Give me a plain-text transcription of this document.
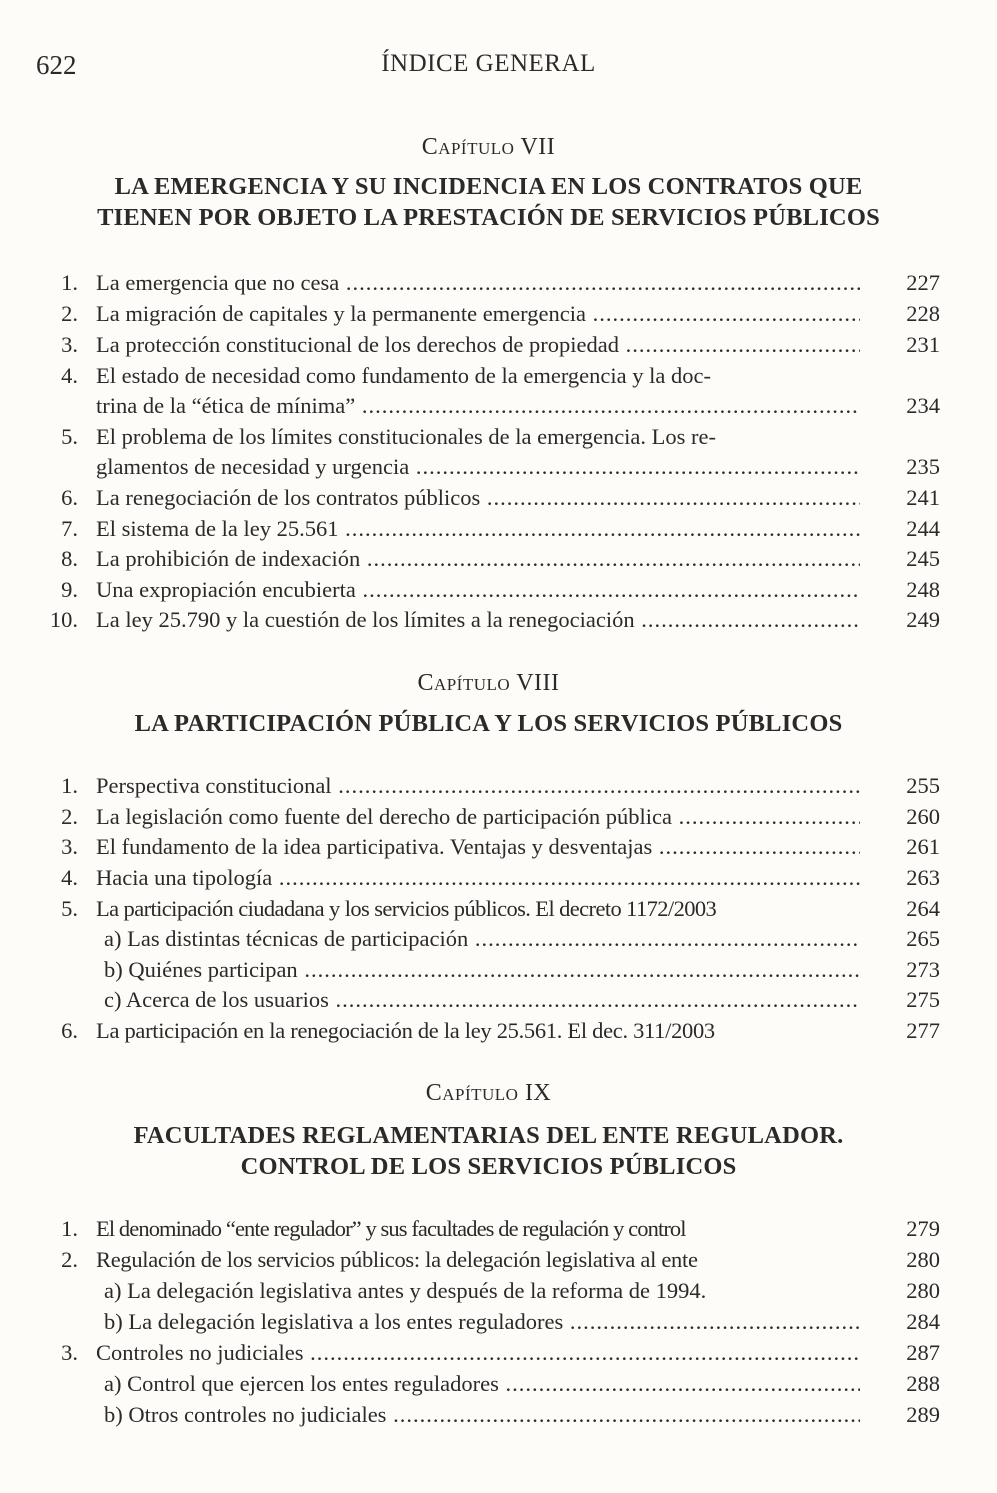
622	ÍNDICE GENERAL
Capítulo VII
LA EMERGENCIA Y SU INCIDENCIA EN LOS CONTRATOS QUE
TIENEN POR OBJETO LA PRESTACIÓN DE SERVICIOS PÚBLICOS
1. La emergencia que no cesa .....	227
2. La migración de capitales y la permanente emergencia .....	228
3. La protección constitucional de los derechos de propiedad .....	231
4. El estado de necesidad como fundamento de la emergencia y la doc-
trina de la “ética de mínima” .....	234
5. El problema de los límites constitucionales de la emergencia. Los re-
glamentos de necesidad y urgencia .....	235
6. La renegociación de los contratos públicos .....	241
7. El sistema de la ley 25.561 .....	244
8. La prohibición de indexación .....	245
9. Una expropiación encubierta .....	248
10. La ley 25.790 y la cuestión de los límites a la renegociación .....	249
Capítulo VIII
LA PARTICIPACIÓN PÚBLICA Y LOS SERVICIOS PÚBLICOS
1. Perspectiva constitucional .....	255
2. La legislación como fuente del derecho de participación pública .....	260
3. El fundamento de la idea participativa. Ventajas y desventajas .....	261
4. Hacia una tipología .....	263
5. La participación ciudadana y los servicios públicos. El decreto 1172/2003	264
a) Las distintas técnicas de participación .....	265
b) Quiénes participan .....	273
c) Acerca de los usuarios .....	275
6. La participación en la renegociación de la ley 25.561. El dec. 311/2003	277
Capítulo IX
FACULTADES REGLAMENTARIAS DEL ENTE REGULADOR.
CONTROL DE LOS SERVICIOS PÚBLICOS
1. El denominado “ente regulador” y sus facultades de regulación y control	279
2. Regulación de los servicios públicos: la delegación legislativa al ente	280
a) La delegación legislativa antes y después de la reforma de 1994.	280
b) La delegación legislativa a los entes reguladores .....	284
3. Controles no judiciales .....	287
a) Control que ejercen los entes reguladores .....	288
b) Otros controles no judiciales .....	289
